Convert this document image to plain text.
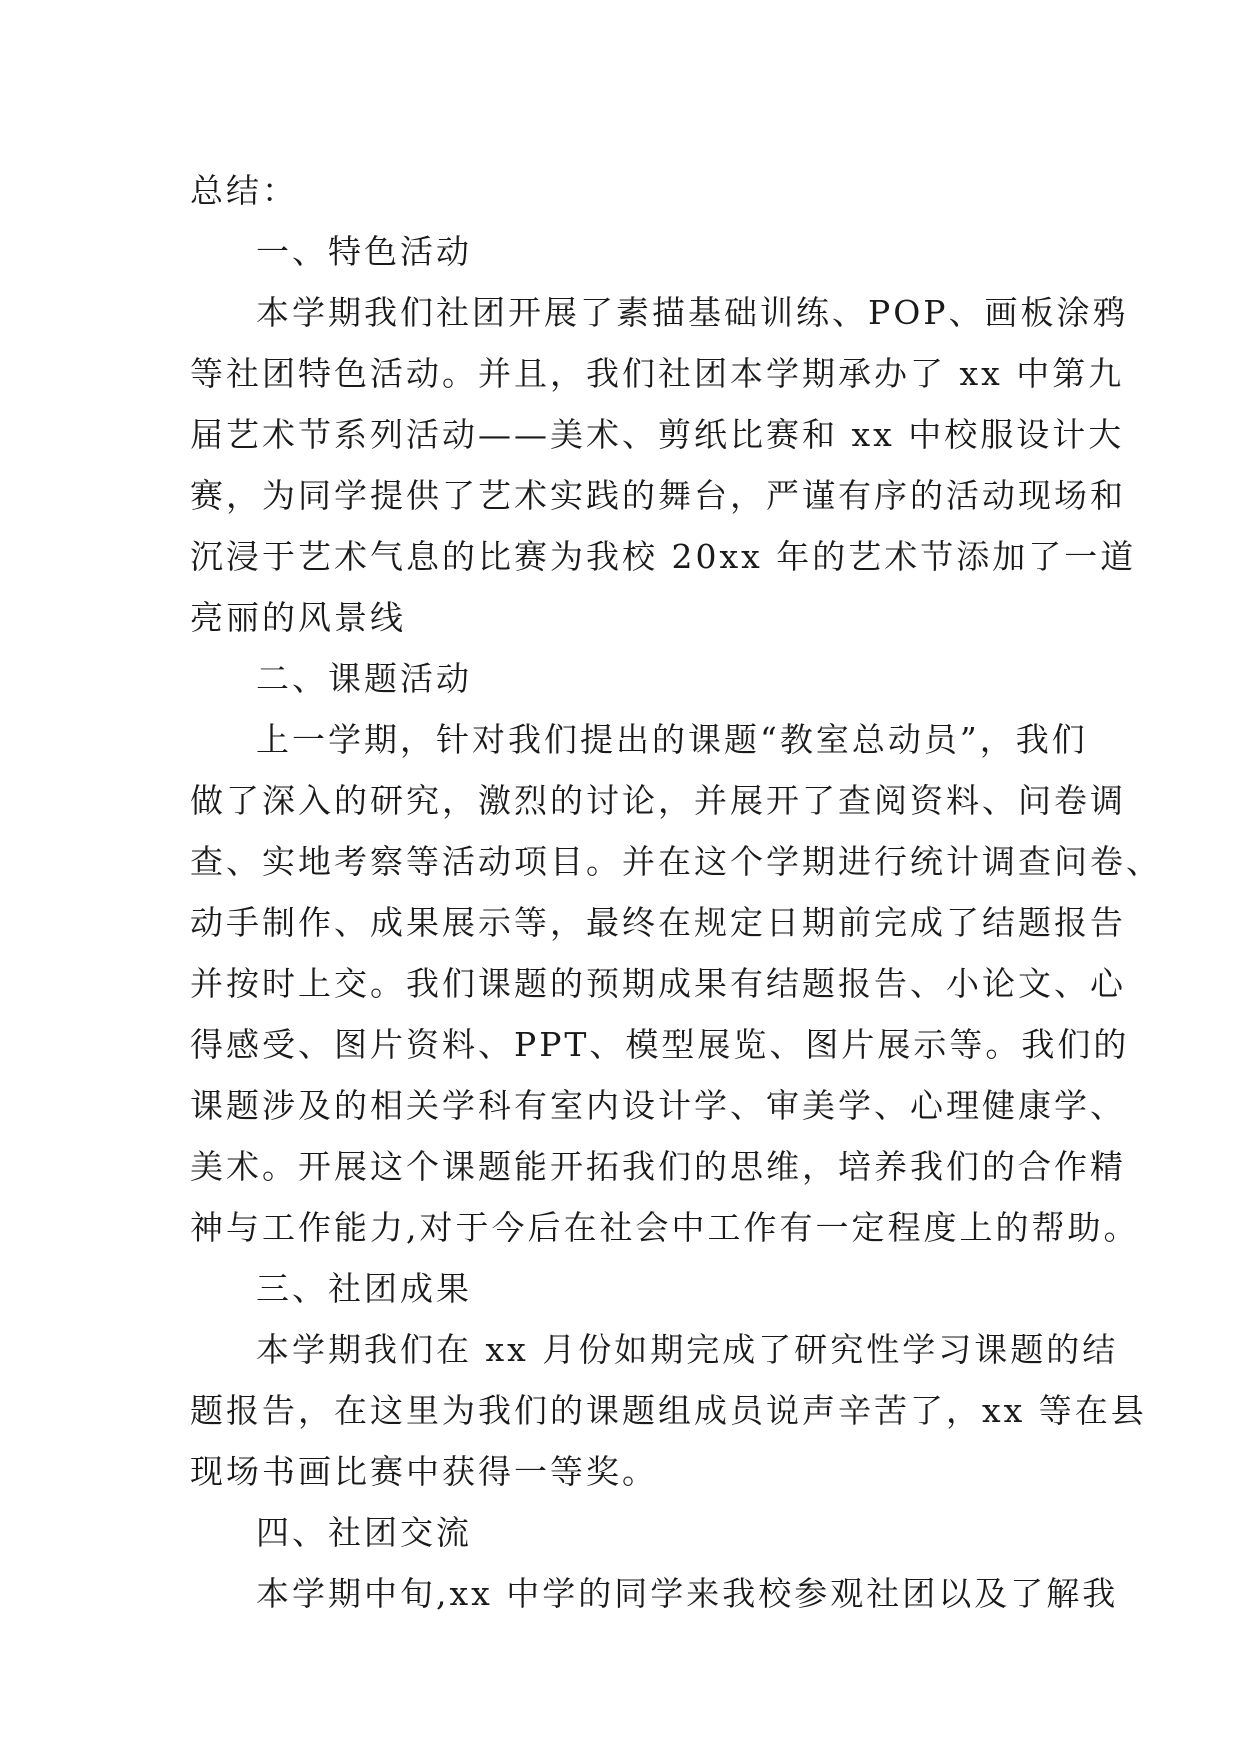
总结：
一、特色活动
本学期我们社团开展了素描基础训练、POP、画板涂鸦
等社团特色活动。并且，我们社团本学期承办了 xx 中第九
届艺术节系列活动——美术、剪纸比赛和 xx 中校服设计大
赛，为同学提供了艺术实践的舞台，严谨有序的活动现场和
沉浸于艺术气息的比赛为我校 20xx 年的艺术节添加了一道
亮丽的风景线
二、课题活动
上一学期，针对我们提出的课题“教室总动员”，我们
做了深入的研究，激烈的讨论，并展开了查阅资料、问卷调
查、实地考察等活动项目。并在这个学期进行统计调查问卷、
动手制作、成果展示等，最终在规定日期前完成了结题报告
并按时上交。我们课题的预期成果有结题报告、小论文、心
得感受、图片资料、PPT、模型展览、图片展示等。我们的
课题涉及的相关学科有室内设计学、审美学、心理健康学、
美术。开展这个课题能开拓我们的思维，培养我们的合作精
神与工作能力,对于今后在社会中工作有一定程度上的帮助。
三、社团成果
本学期我们在 xx 月份如期完成了研究性学习课题的结
题报告，在这里为我们的课题组成员说声辛苦了，xx 等在县
现场书画比赛中获得一等奖。
四、社团交流
本学期中旬,xx 中学的同学来我校参观社团以及了解我
